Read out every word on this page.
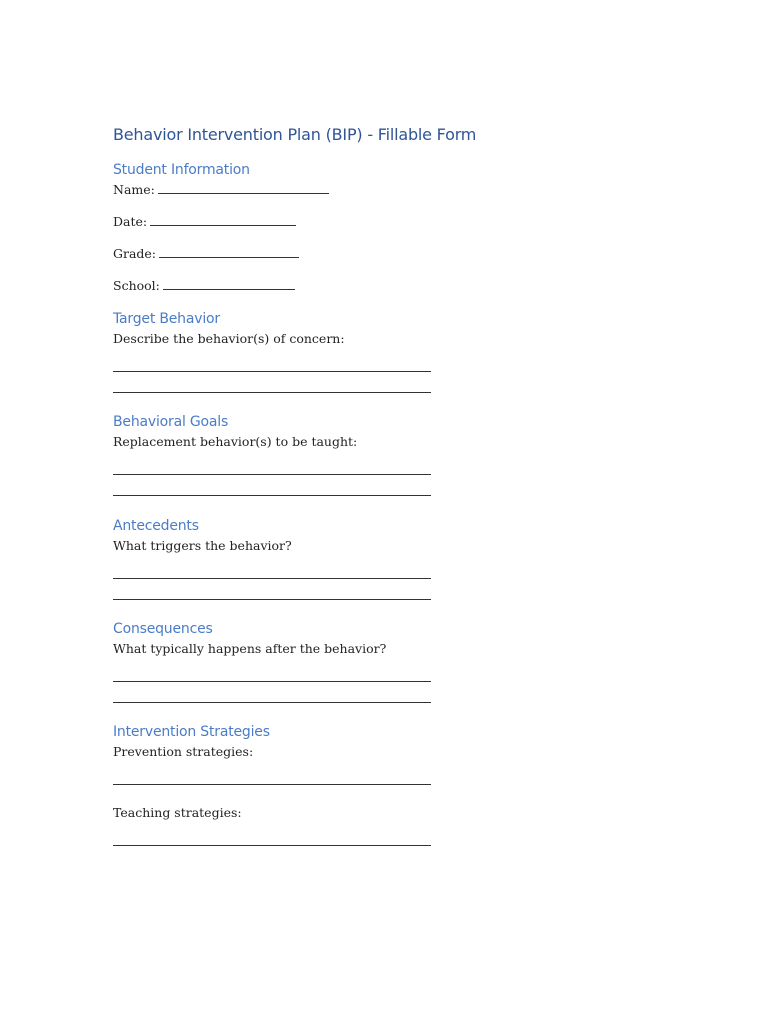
Behavior Intervention Plan (BIP) - Fillable Form
Student Information
Name:
Date:
Grade:
School:
Target Behavior
Describe the behavior(s) of concern:
Behavioral Goals
Replacement behavior(s) to be taught:
Antecedents
What triggers the behavior?
Consequences
What typically happens after the behavior?
Intervention Strategies
Prevention strategies:
Teaching strategies:
